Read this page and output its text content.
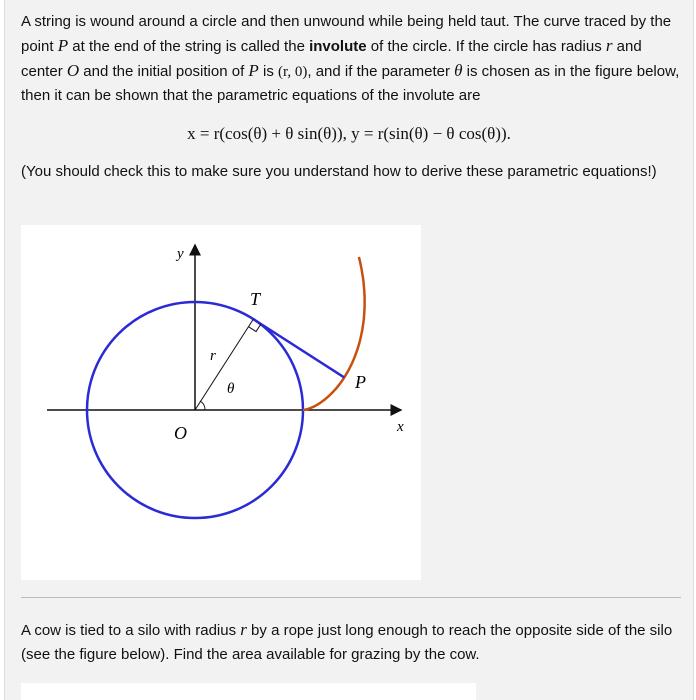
A string is wound around a circle and then unwound while being held taut. The curve traced by the point P at the end of the string is called the involute of the circle. If the circle has radius r and center O and the initial position of P is (r, 0), and if the parameter θ is chosen as in the figure below, then it can be shown that the parametric equations of the involute are
x = r(cos(θ) + θ sin(θ)), y = r(sin(θ) − θ cos(θ)).
(You should check this to make sure you understand how to derive these parametric equations!)
y
x
T
r
θ	P
O
A cow is tied to a silo with radius r by a rope just long enough to reach the opposite side of the silo (see the figure below). Find the area available for grazing by the cow.
